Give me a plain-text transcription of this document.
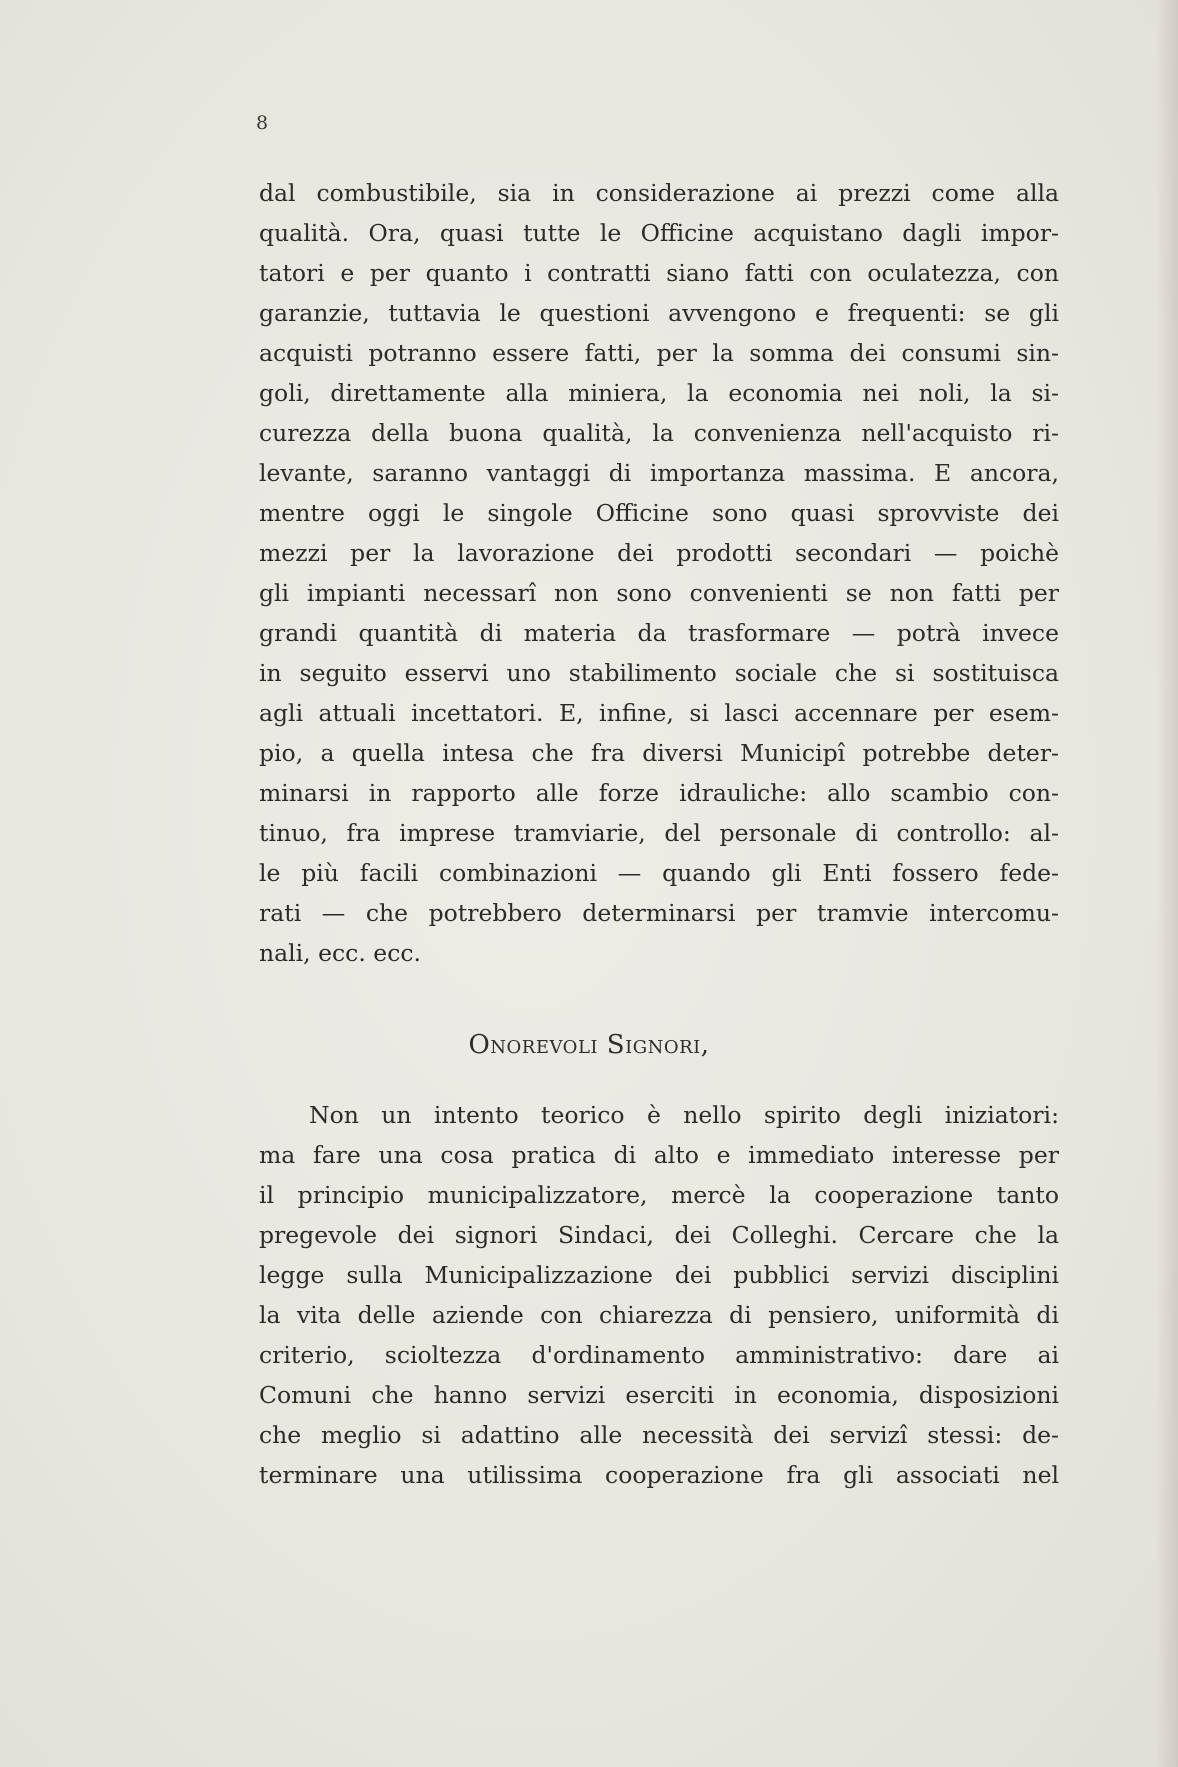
8
dal combustibile, sia in considerazione ai prezzi come alla
qualità. Ora, quasi tutte le Officine acquistano dagli impor-
tatori e per quanto i contratti siano fatti con oculatezza, con
garanzie, tuttavia le questioni avvengono e frequenti: se gli
acquisti potranno essere fatti, per la somma dei consumi sin-
goli, direttamente alla miniera, la economia nei noli, la si-
curezza della buona qualità, la convenienza nell'acquisto ri-
levante, saranno vantaggi di importanza massima. E ancora,
mentre oggi le singole Officine sono quasi sprovviste dei
mezzi per la lavorazione dei prodotti secondari — poichè
gli impianti necessarî non sono convenienti se non fatti per
grandi quantità di materia da trasformare — potrà invece
in seguito esservi uno stabilimento sociale che si sostituisca
agli attuali incettatori. E, infine, si lasci accennare per esem-
pio, a quella intesa che fra diversi Municipî potrebbe deter-
minarsi in rapporto alle forze idrauliche: allo scambio con-
tinuo, fra imprese tramviarie, del personale di controllo: al-
le più facili combinazioni — quando gli Enti fossero fede-
rati — che potrebbero determinarsi per tramvie intercomu-
nali, ecc. ecc.
Onorevoli Signori,
Non un intento teorico è nello spirito degli iniziatori:
ma fare una cosa pratica di alto e immediato interesse per
il principio municipalizzatore, mercè la cooperazione tanto
pregevole dei signori Sindaci, dei Colleghi. Cercare che la
legge sulla Municipalizzazione dei pubblici servizi disciplini
la vita delle aziende con chiarezza di pensiero, uniformità di
criterio, scioltezza d'ordinamento amministrativo: dare ai
Comuni che hanno servizi eserciti in economia, disposizioni
che meglio si adattino alle necessità dei servizî stessi: de-
terminare una utilissima cooperazione fra gli associati nel
